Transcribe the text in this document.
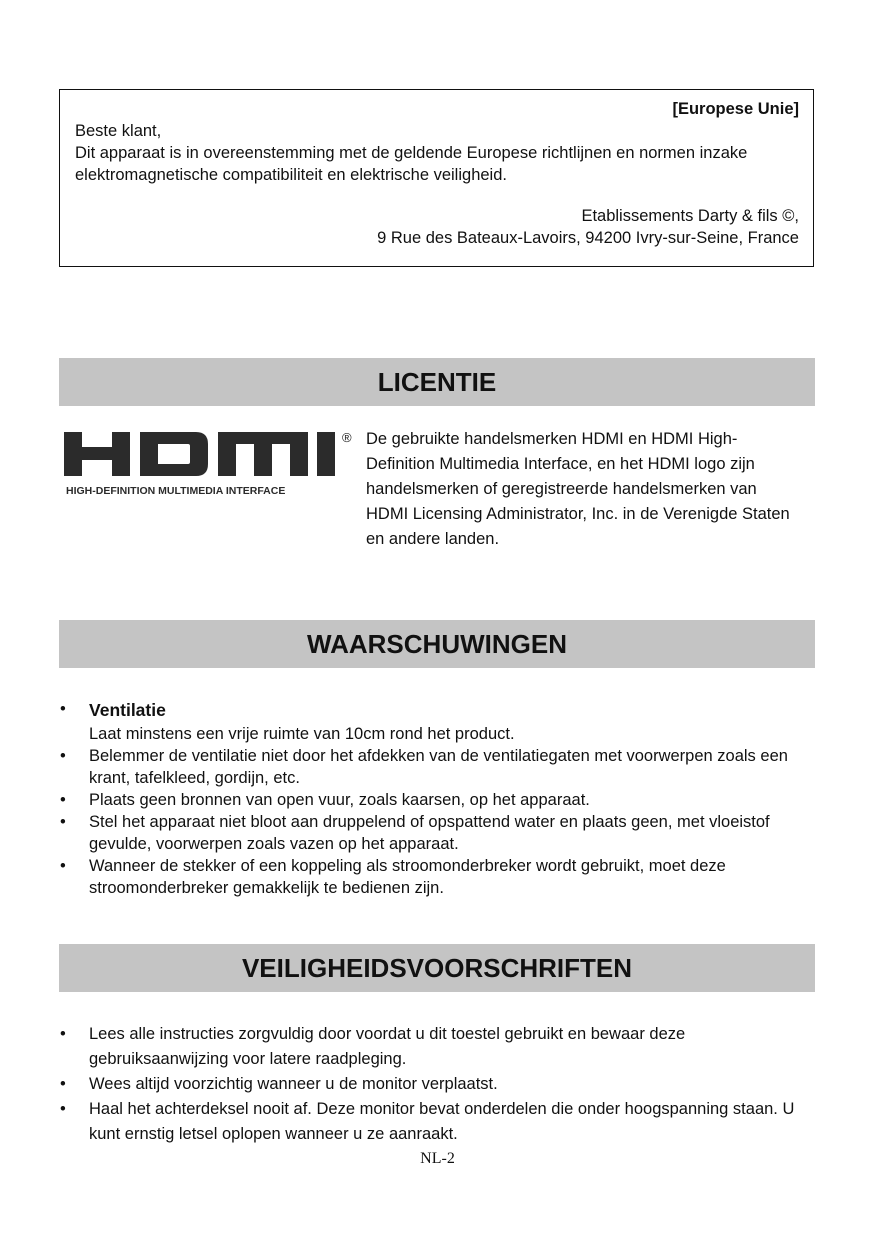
[Europese Unie]
Beste klant,
Dit apparaat is in overeenstemming met de geldende Europese richtlijnen en normen inzake elektromagnetische compatibiliteit en elektrische veiligheid.
Etablissements Darty & fils ©,
9 Rue des Bateaux-Lavoirs, 94200 Ivry-sur-Seine, France
LICENTIE
®
HIGH-DEFINITION MULTIMEDIA INTERFACE
De gebruikte handelsmerken HDMI en HDMI High-Definition Multimedia Interface, en het HDMI logo zijn handelsmerken of geregistreerde handelsmerken van HDMI Licensing Administrator, Inc. in de Verenigde Staten en andere landen.
WAARSCHUWINGEN
• Ventilatie
Laat minstens een vrije ruimte van 10cm rond het product.
• Belemmer de ventilatie niet door het afdekken van de ventilatiegaten met voorwerpen zoals een krant, tafelkleed, gordijn, etc.
• Plaats geen bronnen van open vuur, zoals kaarsen, op het apparaat.
• Stel het apparaat niet bloot aan druppelend of opspattend water en plaats geen, met vloeistof gevulde, voorwerpen zoals vazen op het apparaat.
• Wanneer de stekker of een koppeling als stroomonderbreker wordt gebruikt, moet deze stroomonderbreker gemakkelijk te bedienen zijn.
VEILIGHEIDSVOORSCHRIFTEN
• Lees alle instructies zorgvuldig door voordat u dit toestel gebruikt en bewaar deze gebruiksaanwijzing voor latere raadpleging.
• Wees altijd voorzichtig wanneer u de monitor verplaatst.
• Haal het achterdeksel nooit af. Deze monitor bevat onderdelen die onder hoogspanning staan. U kunt ernstig letsel oplopen wanneer u ze aanraakt.
NL-2
